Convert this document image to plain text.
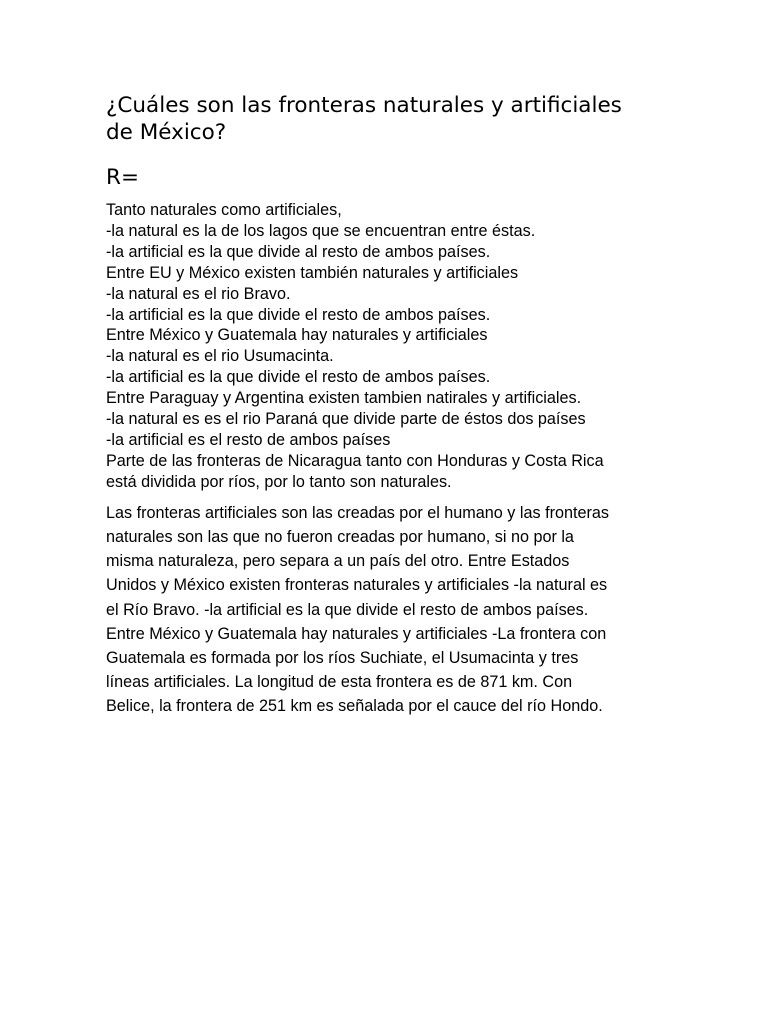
¿Cuáles son las fronteras naturales y artificiales
de México?
R=
Tanto naturales como artificiales,
-la natural es la de los lagos que se encuentran entre éstas.
-la artificial es la que divide al resto de ambos países.
Entre EU y México existen también naturales y artificiales
-la natural es el rio Bravo.
-la artificial es la que divide el resto de ambos países.
Entre México y Guatemala hay naturales y artificiales
-la natural es el rio Usumacinta.
-la artificial es la que divide el resto de ambos países.
Entre Paraguay y Argentina existen tambien natirales y artificiales.
-la natural es es el rio Paraná que divide parte de éstos dos países
-la artificial es el resto de ambos países
Parte de las fronteras de Nicaragua tanto con Honduras y Costa Rica
está dividida por ríos, por lo tanto son naturales.
Las fronteras artificiales son las creadas por el humano y las fronteras
naturales son las que no fueron creadas por humano, si no por la
misma naturaleza, pero separa a un país del otro. Entre Estados
Unidos y México existen fronteras naturales y artificiales -la natural es
el Río Bravo. -la artificial es la que divide el resto de ambos países.
Entre México y Guatemala hay naturales y artificiales -La frontera con
Guatemala es formada por los ríos Suchiate, el Usumacinta y tres
líneas artificiales. La longitud de esta frontera es de 871 km. Con
Belice, la frontera de 251 km es señalada por el cauce del río Hondo.
